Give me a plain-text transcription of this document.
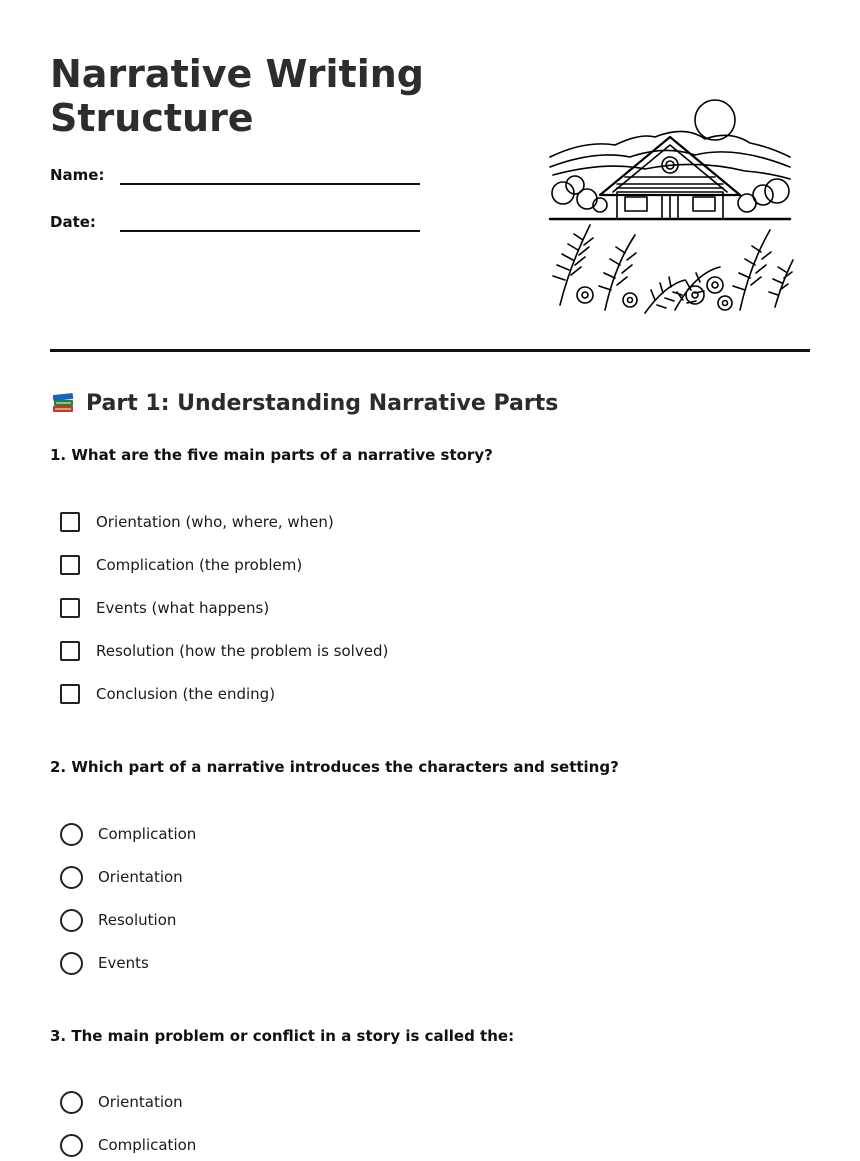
Narrative Writing Structure
Name:
Date:
Part 1: Understanding Narrative Parts
1. What are the five main parts of a narrative story?
Orientation (who, where, when)
Complication (the problem)
Events (what happens)
Resolution (how the problem is solved)
Conclusion (the ending)
2. Which part of a narrative introduces the characters and setting?
Complication
Orientation
Resolution
Events
3. The main problem or conflict in a story is called the:
Orientation
Complication
